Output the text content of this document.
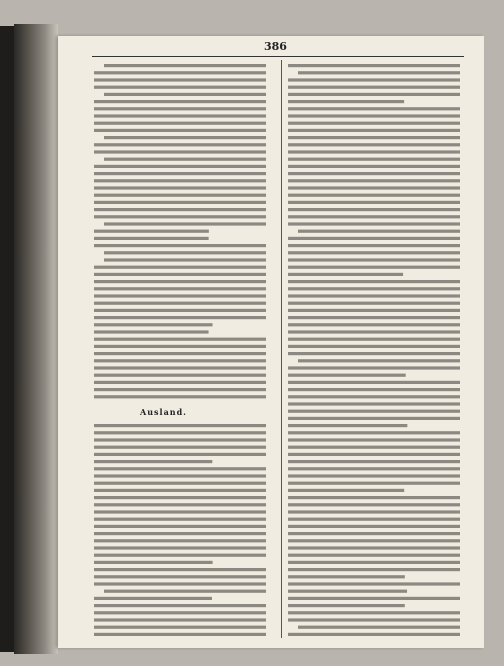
386
Ausland.
